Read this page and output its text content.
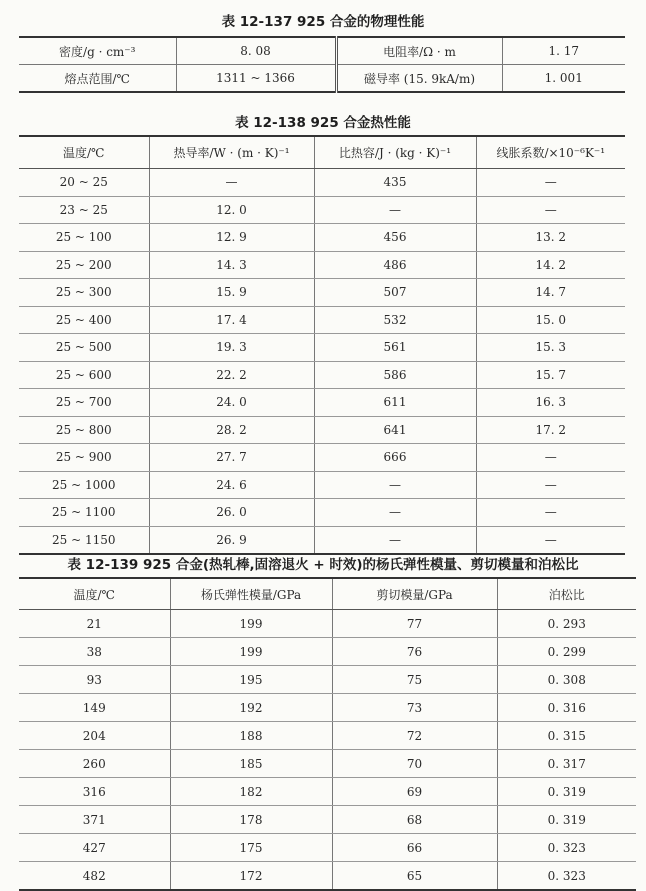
表 12-137 925 合金的物理性能
密度/g · cm⁻³	8. 08	电阻率/Ω · m	1. 17
熔点范围/℃	1311 ~ 1366	磁导率 (15. 9kA/m)	1. 001
表 12-138 925 合金热性能
温度/℃	热导率/W · (m · K)⁻¹	比热容/J · (kg · K)⁻¹	线胀系数/×10⁻⁶K⁻¹
20 ~ 25	—	435	—
23 ~ 25	12. 0	—	—
25 ~ 100	12. 9	456	13. 2
25 ~ 200	14. 3	486	14. 2
25 ~ 300	15. 9	507	14. 7
25 ~ 400	17. 4	532	15. 0
25 ~ 500	19. 3	561	15. 3
25 ~ 600	22. 2	586	15. 7
25 ~ 700	24. 0	611	16. 3
25 ~ 800	28. 2	641	17. 2
25 ~ 900	27. 7	666	—
25 ~ 1000	24. 6	—	—
25 ~ 1100	26. 0	—	—
25 ~ 1150	26. 9	—	—
表 12-139 925 合金(热轧棒,固溶退火 + 时效)的杨氏弹性模量、剪切模量和泊松比
温度/℃	杨氏弹性模量/GPa	剪切模量/GPa	泊松比
21	199	77	0. 293
38	199	76	0. 299
93	195	75	0. 308
149	192	73	0. 316
204	188	72	0. 315
260	185	70	0. 317
316	182	69	0. 319
371	178	68	0. 319
427	175	66	0. 323
482	172	65	0. 323
